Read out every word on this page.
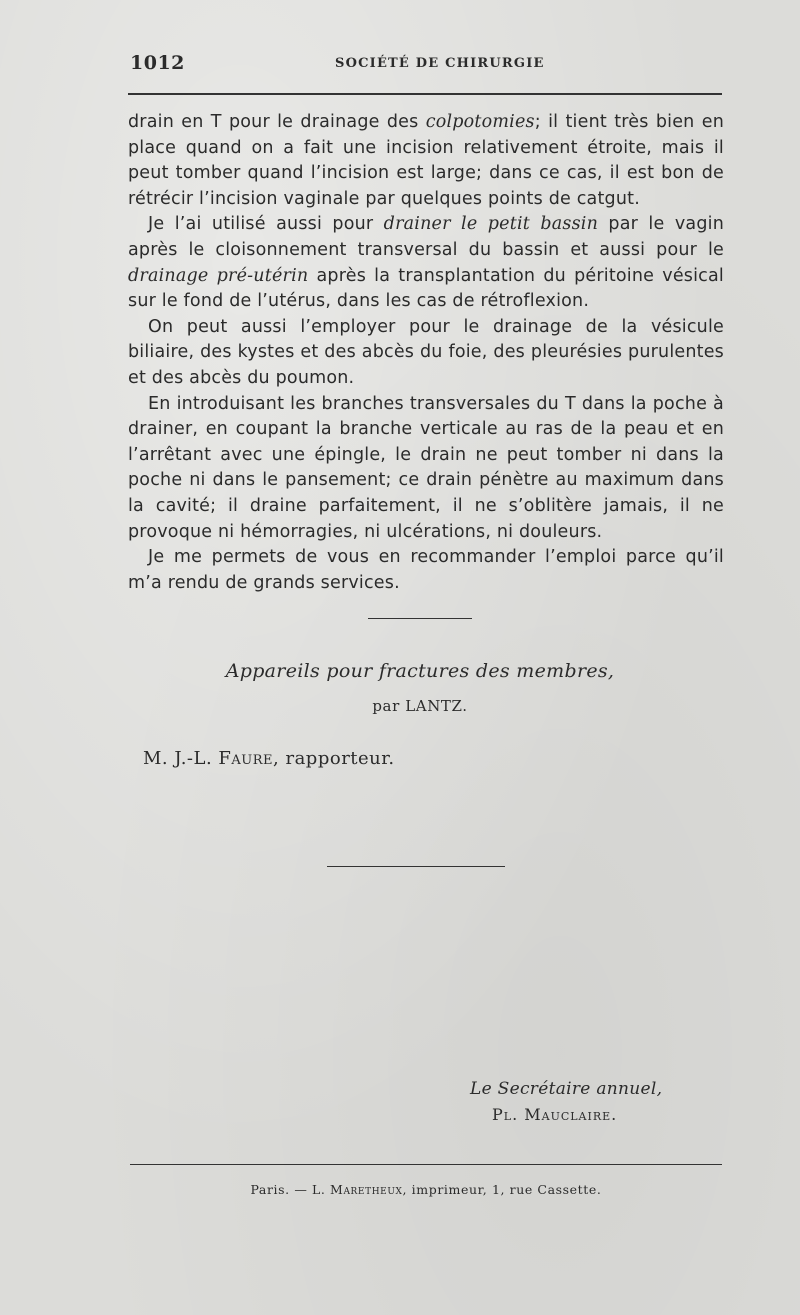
1012	SOCIÉTÉ DE CHIRURGIE

drain en T pour le drainage des colpotomies; il tient très bien en place quand on a fait une incision relativement étroite, mais il peut tomber quand l’incision est large; dans ce cas, il est bon de rétrécir l’incision vaginale par quelques points de catgut.

Je l’ai utilisé aussi pour drainer le petit bassin par le vagin après le cloisonnement transversal du bassin et aussi pour le drainage pré-utérin après la transplantation du péritoine vésical sur le fond de l’utérus, dans les cas de rétroflexion.

On peut aussi l’employer pour le drainage de la vésicule biliaire, des kystes et des abcès du foie, des pleurésies purulentes et des abcès du poumon.

En introduisant les branches transversales du T dans la poche à drainer, en coupant la branche verticale au ras de la peau et en l’arrêtant avec une épingle, le drain ne peut tomber ni dans la poche ni dans le pansement; ce drain pénètre au maximum dans la cavité; il draine parfaitement, il ne s’oblitère jamais, il ne provoque ni hémorragies, ni ulcérations, ni douleurs.

Je me permets de vous en recommander l’emploi parce qu’il m’a rendu de grands services.

Appareils pour fractures des membres,
par LANTZ.
M. J.-L. Faure, rapporteur.
Le Secrétaire annuel,
Pl. Mauclaire.
Paris. — L. Maretheux, imprimeur, 1, rue Cassette.
